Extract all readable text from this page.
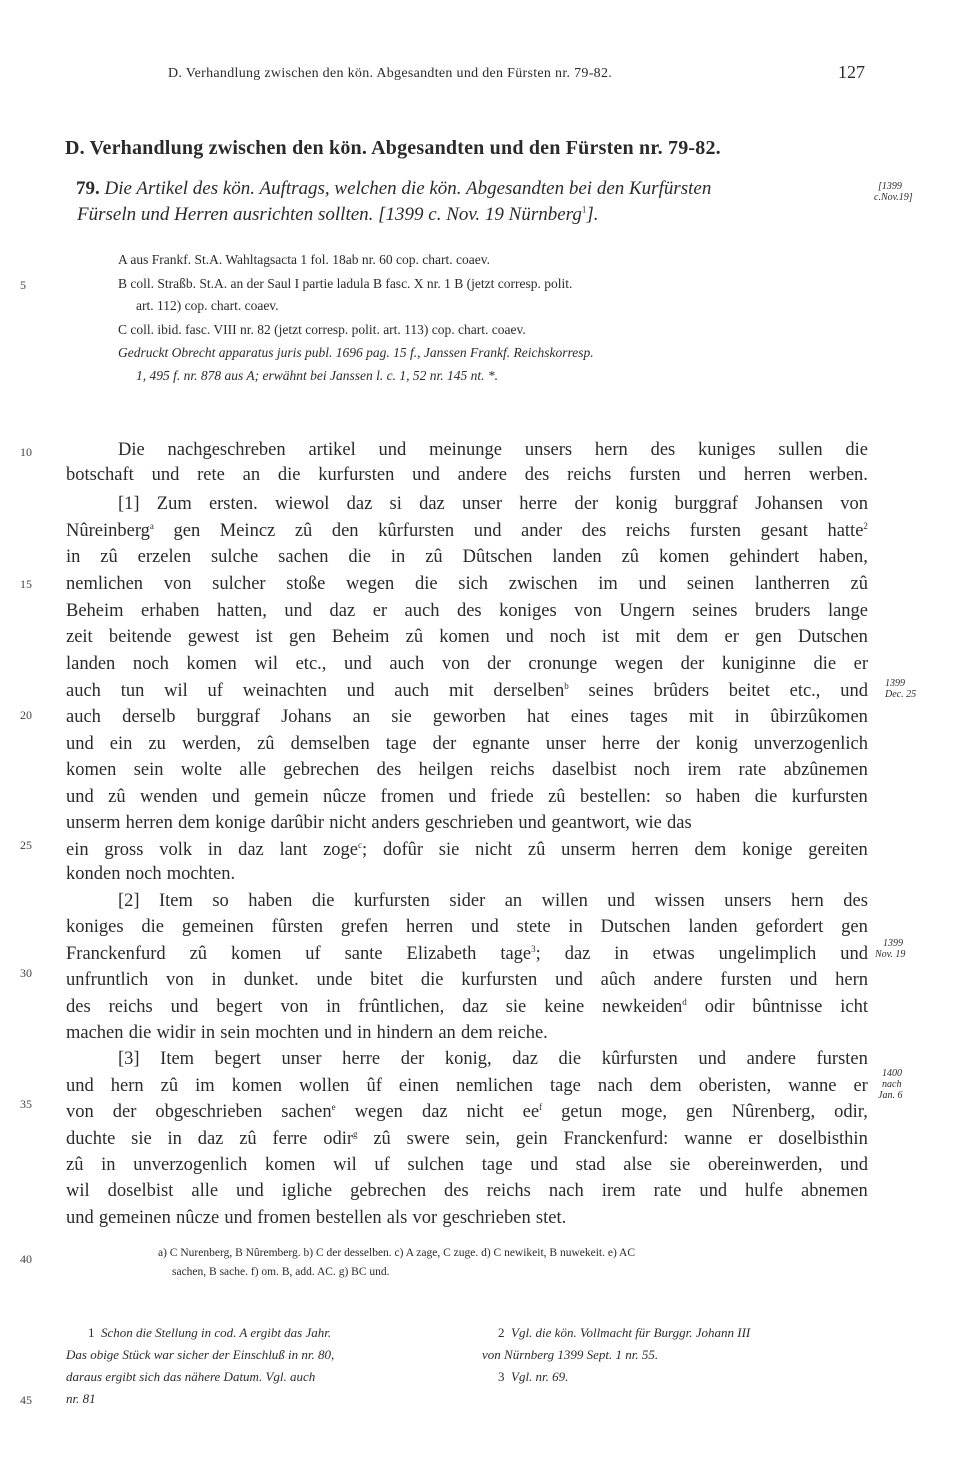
D. Verhandlung zwischen den kön. Abgesandten und den Fürsten nr. 79-82.	127
D. Verhandlung zwischen den kön. Abgesandten und den Fürsten nr. 79-82.
79. Die Artikel des kön. Auftrags, welchen die kön. Abgesandten bei den Kurfürsten
Fürseln und Herren ausrichten sollten. [1399 c. Nov. 19 Nürnberg$^1$].
[1399
c.Nov.19]
A aus Frankf. St.A. Wahltagsacta 1 fol. 18ab nr. 60 cop. chart. coaev.
B coll. Straßb. St.A. an der Saul I partie ladula B fasc. X nr. 1 B (jetzt corresp. polit.
art. 112) cop. chart. coaev.
C coll. ibid. fasc. VIII nr. 82 (jetzt corresp. polit. art. 113) cop. chart. coaev.
Gedruckt Obrecht apparatus juris publ. 1696 pag. 15 f., Janssen Frankf. Reichskorresp.
1, 495 f. nr. 878 aus A; erwähnt bei Janssen l. c. 1, 52 nr. 145 nt. *.
5
10
15
20
25
30
35
40
45
1399
Dec. 25
1399
Nov. 19
1400
nach
Jan. 6
Die nachgeschreben artikel und meinunge unsers hern des kuniges sullen die
botschaft und rete an die kurfursten und andere des reichs fursten und herren werben.
[1] Zum ersten. wiewol daz si daz unser herre der konig burggraf Johansen von
Nûreinberg$^a$ gen Meincz zû den kûrfursten und ander des reichs fursten gesant hatte$^2$
in zû erzelen sulche sachen die in zû Dûtschen landen zû komen gehindert haben,
nemlichen von sulcher stoße wegen die sich zwischen im und seinen lantherren zû
Beheim erhaben hatten, und daz er auch des koniges von Ungern seines bruders lange
zeit beitende gewest ist gen Beheim zû komen und noch ist mit dem er gen Dutschen
landen noch komen wil etc., und auch von der cronunge wegen der kuniginne die er
auch tun wil uf weinachten und auch mit derselben$^b$ seines brûders beitet etc., und
auch derselb burggraf Johans an sie geworben hat eines tages mit in ûbirzûkomen
und ein zu werden, zû demselben tage der egnante unser herre der konig unverzogenlich
komen sein wolte alle gebrechen des heilgen reichs daselbist noch irem rate abzûnemen
und zû wenden und gemein nûcze fromen und friede zû bestellen: so haben die kurfursten
unserm herren dem konige darûbir nicht anders geschrieben und geantwort, wie das
ein gross volk in daz lant zoge$^c$; dofûr sie nicht zû unserm herren dem konige gereiten
konden noch mochten.
[2] Item so haben die kurfursten sider an willen und wissen unsers hern des
koniges die gemeinen fûrsten grefen herren und stete in Dutschen landen gefordert gen
Franckenfurd zû komen uf sante Elizabeth tage$^3$; daz in etwas ungelimplich und
unfruntlich von in dunket. unde bitet die kurfursten und aûch andere fursten und hern
des reichs und begert von in frûntlichen, daz sie keine newkeiden$^d$ odir bûntnisse icht
machen die widir in sein mochten und in hindern an dem reiche.
[3] Item begert unser herre der konig, daz die kûrfursten und andere fursten
und hern zû im komen wollen ûf einen nemlichen tage nach dem oberisten, wanne er
von der obgeschrieben sachen$^e$ wegen daz nicht $ee^f$ getun moge, gen Nûrenberg, odir,
duchte sie in daz zû ferre odir$^g$ zû swere sein, gein Franckenfurd: wanne er doselbisthin
zû in unverzogenlich komen wil uf sulchen tage und stad alse sie obereinwerden, und
wil doselbist alle und igliche gebrechen des reichs nach irem rate und hulfe abnemen
und gemeinen nûcze und fromen bestellen als vor geschrieben stet.
a) C Nurenberg, B Nûremberg. b) C der desselben. c) A zage, C zuge. d) C newikeit, B nuwekeit. e) AC
sachen, B sache. f) om. B, add. AC. g) BC und.
1 Schon die Stellung in cod. A ergibt das Jahr.
Das obige Stück war sicher der Einschluß in nr. 80,
daraus ergibt sich das nähere Datum. Vgl. auch
nr. 81
2 Vgl. die kön. Vollmacht für Burggr. Johann III
von Nürnberg 1399 Sept. 1 nr. 55.
3 Vgl. nr. 69.
